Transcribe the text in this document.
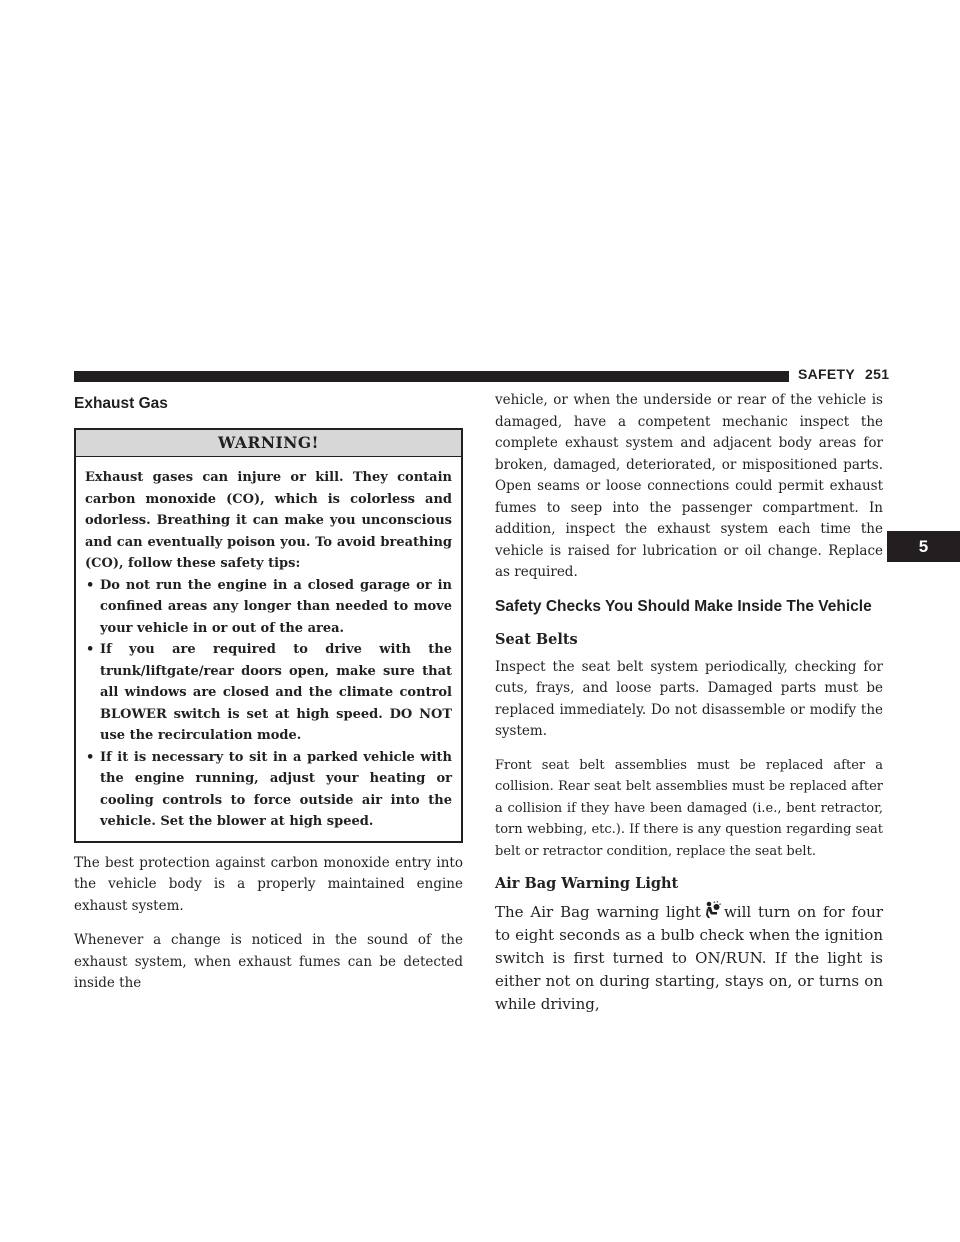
SAFETY 251
5
Exhaust Gas
WARNING!
Exhaust gases can injure or kill. They contain carbon monoxide (CO), which is colorless and odorless. Breathing it can make you unconscious and can eventually poison you. To avoid breathing (CO), follow these safety tips:
• Do not run the engine in a closed garage or in confined areas any longer than needed to move your vehicle in or out of the area.
• If you are required to drive with the trunk/liftgate/rear doors open, make sure that all windows are closed and the climate control BLOWER switch is set at high speed. DO NOT use the recirculation mode.
• If it is necessary to sit in a parked vehicle with the engine running, adjust your heating or cooling controls to force outside air into the vehicle. Set the blower at high speed.

The best protection against carbon monoxide entry into the vehicle body is a properly maintained engine exhaust system.

Whenever a change is noticed in the sound of the exhaust system, when exhaust fumes can be detected inside the

vehicle, or when the underside or rear of the vehicle is damaged, have a competent mechanic inspect the complete exhaust system and adjacent body areas for broken, damaged, deteriorated, or mispositioned parts. Open seams or loose connections could permit exhaust fumes to seep into the passenger compartment. In addition, inspect the exhaust system each time the vehicle is raised for lubrication or oil change. Replace as required.

Safety Checks You Should Make Inside The Vehicle
Seat Belts

Inspect the seat belt system periodically, checking for cuts, frays, and loose parts. Damaged parts must be replaced immediately. Do not disassemble or modify the system.

Front seat belt assemblies must be replaced after a collision. Rear seat belt assemblies must be replaced after a collision if they have been damaged (i.e., bent retractor, torn webbing, etc.). If there is any question regarding seat belt or retractor condition, replace the seat belt.

Air Bag Warning Light

The Air Bag warning light will turn on for four to eight seconds as a bulb check when the ignition switch is first turned to ON/RUN. If the light is either not on during starting, stays on, or turns on while driving,
